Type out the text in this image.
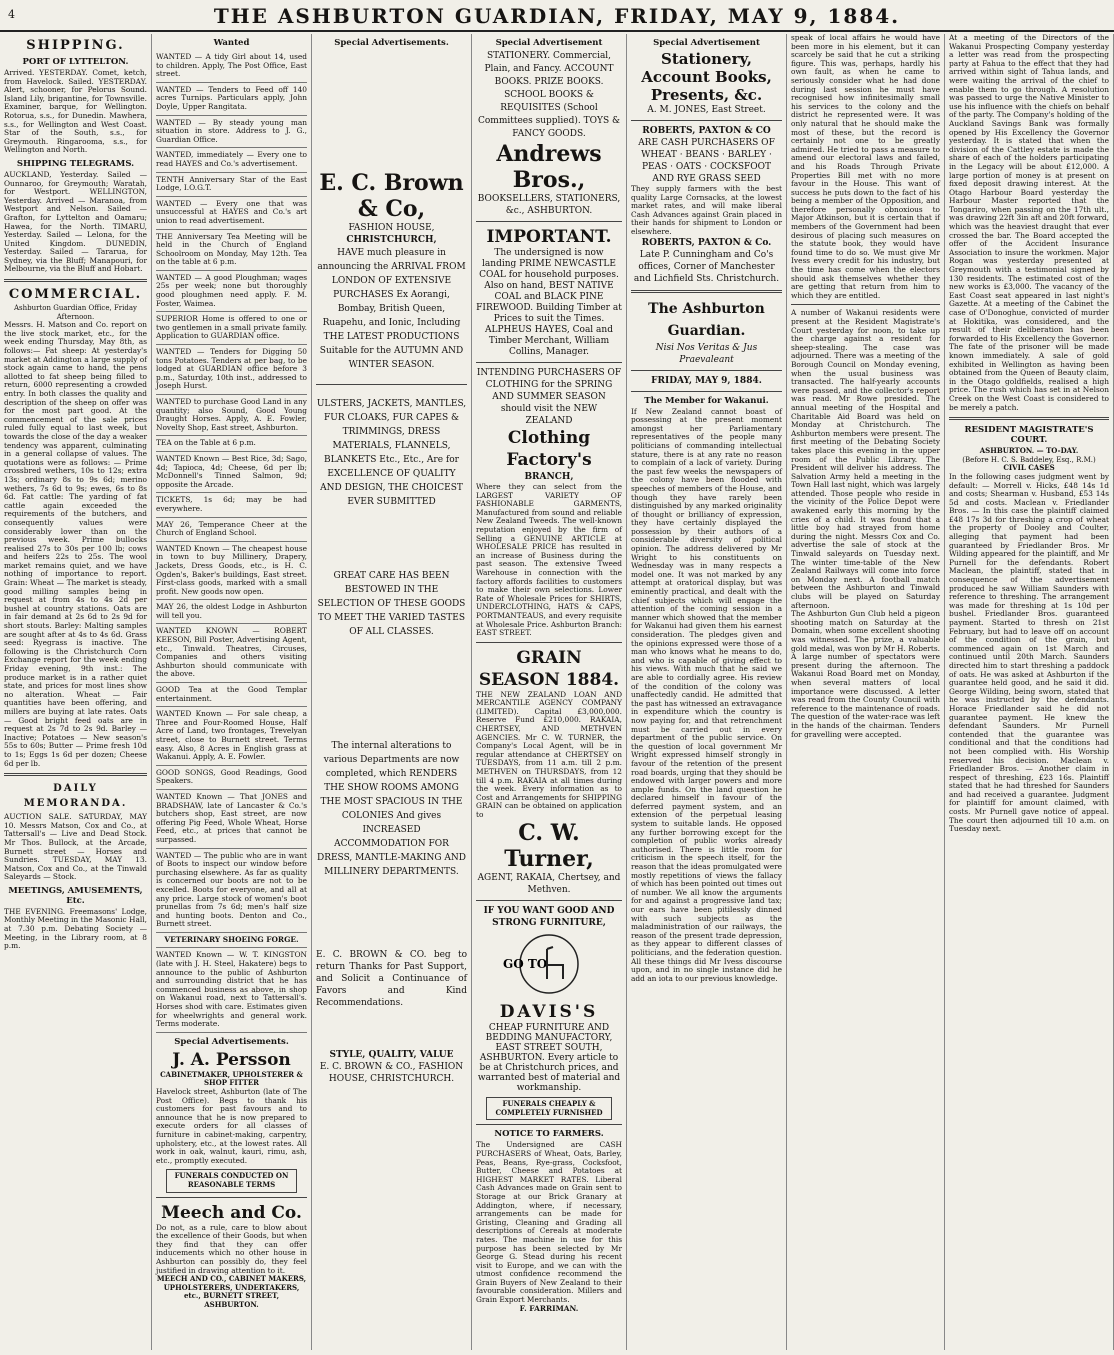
4	THE ASHBURTON GUARDIAN, FRIDAY, MAY 9, 1884.
SHIPPING.
PORT OF LYTTELTON.
Arrived. YESTERDAY. Comet, ketch, from Havelock. Sailed. YESTERDAY. Alert, schooner, for Pelorus Sound. Island Lily, brigantine, for Townsville. Examiner, barque, for Wellington. Rotorua, s.s., for Dunedin. Mawhera, s.s., for Wellington and West Coast. Star of the South, s.s., for Greymouth. Ringarooma, s.s., for Wellington and North.
SHIPPING TELEGRAMS.
AUCKLAND, Yesterday. Sailed — Ounnaroo, for Greymouth; Waratah, for Westport. WELLINGTON, Yesterday. Arrived — Maranoa, from Westport and Nelson. Sailed — Grafton, for Lyttelton and Oamaru; Hawea, for the North. TIMARU, Yesterday. Sailed — Lelona, for the United Kingdom. DUNEDIN, Yesterday. Sailed — Tararua, for Sydney, via the Bluff; Manapouri, for Melbourne, via the Bluff and Hobart.
COMMERCIAL.
Ashburton Guardian Office, Friday Afternoon.
Messrs. H. Matson and Co. report on the live stock market, etc., for the week ending Thursday, May 8th, as follows:— Fat sheep: At yesterday's market at Addington a large supply of stock again came to hand, the pens allotted to fat sheep being filled to return, 6000 representing a crowded entry. In both classes the quality and description of the sheep on offer was for the most part good. At the commencement of the sale prices ruled fully equal to last week, but towards the close of the day a weaker tendency was apparent, culminating in a general collapse of values. The quotations were as follows: — Prime crossbred wethers, 10s to 12s; extra 13s; ordinary 8s to 9s 6d; merino wethers, 7s 6d to 9s; ewes, 6s to 8s 6d. Fat cattle: The yarding of fat cattle again exceeded the requirements of the butchers, and consequently values were considerably lower than on the previous week. Prime bullocks realised 27s to 30s per 100 lb; cows and heifers 22s to 25s. The wool market remains quiet, and we have nothing of importance to report. Grain: Wheat — The market is steady, good milling samples being in request at from 4s to 4s 2d per bushel at country stations. Oats are in fair demand at 2s 6d to 2s 9d for short stouts. Barley: Malting samples are sought after at 4s to 4s 6d. Grass seed: Ryegrass is inactive. The following is the Christchurch Corn Exchange report for the week ending Friday evening, 9th inst.: The produce market is in a rather quiet state, and prices for most lines show no alteration. Wheat — Fair quantities have been offering, and millers are buying at late rates. Oats — Good bright feed oats are in request at 2s 7d to 2s 9d. Barley — Inactive; Potatoes — New season's 55s to 60s; Butter — Prime fresh 10d to 1s; Eggs 1s 6d per dozen; Cheese 6d per lb.
DAILY MEMORANDA.
AUCTION SALE. SATURDAY, MAY 10. Messrs Matson, Cox and Co., at Tattersall's — Live and Dead Stock. Mr Thos. Bullock, at the Arcade, Burnett street — Horses and Sundries. TUESDAY, MAY 13. Matson, Cox and Co., at the Tinwald Saleyards — Stock.
MEETINGS, AMUSEMENTS, Etc.
THE EVENING. Freemasons' Lodge, Monthly Meeting in the Masonic Hall, at 7.30 p.m. Debating Society — Meeting, in the Library room, at 8 p.m.
Wanted
WANTED — A tidy Girl about 14, used to children. Apply, The Post Office, East street.
WANTED — Tenders to Feed off 140 acres Turnips. Particulars apply, John Doyle, Upper Rangitata.
WANTED — By steady young man situation in store. Address to J. G., Guardian Office.
WANTED, immediately — Every one to read HAYES and Co.'s advertisement.
TENTH Anniversary Star of the East Lodge, I.O.G.T.
WANTED — Every one that was unsuccessful at HAYES and Co.'s art union to read advertisement.
THE Anniversary Tea Meeting will be held in the Church of England Schoolroom on Monday, May 12th. Tea on the table at 6 p.m.
WANTED — A good Ploughman; wages 25s per week; none but thoroughly good ploughmen need apply. F. M. Foster, Waimea.
SUPERIOR Home is offered to one or two gentlemen in a small private family. Application to GUARDIAN office.
WANTED — Tenders for Digging 50 tons Potatoes. Tenders at per bag, to be lodged at GUARDIAN office before 3 p.m., Saturday, 10th inst., addressed to Joseph Hurst.
WANTED to purchase Good Land in any quantity; also Sound, Good Young Draught Horses. Apply, A. E. Fowler, Novelty Shop, East street, Ashburton.
TEA on the Table at 6 p.m.
WANTED Known — Best Rice, 3d; Sago, 4d; Tapioca, 4d; Cheese, 6d per lb; McDonnell's Tinned Salmon, 9d; opposite the Arcade.
TICKETS, 1s 6d; may be had everywhere.
MAY 26, Temperance Cheer at the Church of England School.
WANTED Known — The cheapest house in town to buy Millinery, Drapery, Jackets, Dress Goods, etc., is H. C. Ogden's, Baker's buildings, East street. First-class goods, marked with a small profit. New goods now open.
MAY 26, the oldest Lodge in Ashburton will tell you.
WANTED KNOWN — ROBERT KEESON, Bill Poster, Advertising Agent, etc., Tinwald. Theatres, Circuses, Companies and others visiting Ashburton should communicate with the above.
GOOD Tea at the Good Templar entertainment.
WANTED Known — For sale cheap, a Three and Four-Roomed House, Half Acre of Land, two frontages, Trevelyan street, close to Burnett street. Terms easy. Also, 8 Acres in English grass at Wakanui. Apply, A. E. Fowler.
GOOD SONGS, Good Readings, Good Speakers.
WANTED Known — That JONES and BRADSHAW, late of Lancaster & Co.'s butchers shop, East street, are now offering Pig Feed, Whole Wheat, Horse Feed, etc., at prices that cannot be surpassed.
WANTED — The public who are in want of Boots to inspect our window before purchasing elsewhere. As far as quality is concerned our boots are not to be excelled. Boots for everyone, and all at any price. Large stock of women's boot prunellas from 7s 6d; men's half size and hunting boots. Denton and Co., Burnett street.
VETERINARY SHOEING FORGE.
WANTED Known — W. T. KINGSTON (late with J. H. Steel, Hakatere) begs to announce to the public of Ashburton and surrounding district that he has commenced business as above, in shop on Wakanui road, next to Tattersall's. Horses shod with care. Estimates given for wheelwrights and general work. Terms moderate.
Special Advertisements.
J. A. Persson
CABINETMAKER, UPHOLSTERER & SHOP FITTER
Havelock street, Ashburton (late of The Post Office). Begs to thank his customers for past favours and to announce that he is now prepared to execute orders for all classes of furniture in cabinet-making, carpentry, upholstery, etc., at the lowest rates. All work in oak, walnut, kauri, rimu, ash, etc., promptly executed.
FUNERALS CONDUCTED ON REASONABLE TERMS
Meech and Co.
Do not, as a rule, care to blow about the excellence of their Goods, but when they find that they can offer inducements which no other house in Ashburton can possibly do, they feel justified in drawing attention to it.
MEECH AND CO., CABINET MAKERS, UPHOLSTERERS, UNDERTAKERS, etc., BURNETT STREET, ASHBURTON.
Special Advertisements.
E. C. Brown & Co,
FASHION HOUSE,
CHRISTCHURCH,
HAVE much pleasure in announcing the ARRIVAL FROM LONDON OF EXTENSIVE PURCHASES Ex Aorangi, Bombay, British Queen, Ruapehu, and Ionic, Including THE LATEST PRODUCTIONS Suitable for the AUTUMN AND WINTER SEASON.
ULSTERS, JACKETS, MANTLES, FUR CLOAKS, FUR CAPES & TRIMMINGS, DRESS MATERIALS, FLANNELS, BLANKETS Etc., Etc., Are for EXCELLENCE OF QUALITY AND DESIGN, THE CHOICEST EVER SUBMITTED
GREAT CARE HAS BEEN BESTOWED IN THE SELECTION OF THESE GOODS TO MEET THE VARIED TASTES OF ALL CLASSES.
The internal alterations to various Departments are now completed, which RENDERS THE SHOW ROOMS AMONG THE MOST SPACIOUS IN THE COLONIES And gives INCREASED ACCOMMODATION FOR DRESS, MANTLE-MAKING AND MILLINERY DEPARTMENTS.
E. C. BROWN & CO. beg to return Thanks for Past Support, and Solicit a Continuance of Favors and Kind Recommendations.
STYLE, QUALITY, VALUE
E. C. BROWN & CO., FASHION HOUSE, CHRISTCHURCH.
Special Advertisement
STATIONERY. Commercial, Plain, and Fancy. ACCOUNT BOOKS. PRIZE BOOKS. SCHOOL BOOKS & REQUISITES (School Committees supplied). TOYS & FANCY GOODS.
Andrews Bros.,
BOOKSELLERS, STATIONERS, &c., ASHBURTON.
IMPORTANT.
The undersigned is now landing PRIME NEWCASTLE COAL for household purposes. Also on hand, BEST NATIVE COAL and BLACK PINE FIREWOOD. Building Timber at Prices to suit the Times. ALPHEUS HAYES, Coal and Timber Merchant, William Collins, Manager.
INTENDING PURCHASERS OF CLOTHING for the SPRING AND SUMMER SEASON should visit the NEW ZEALAND
Clothing Factory's
BRANCH,
Where they can select from the LARGEST VARIETY OF FASHIONABLE GARMENTS, Manufactured from sound and reliable New Zealand Tweeds. The well-known reputation enjoyed by the firm of Selling a GENUINE ARTICLE at WHOLESALE PRICE has resulted in an increase of Business during the past season. The extensive Tweed Warehouse in connection with the factory affords facilities to customers to make their own selections. Lower Rate of Wholesale Prices for SHIRTS, UNDERCLOTHING, HATS & CAPS, PORTMANTEAUS, and every requisite at Wholesale Price. Ashburton Branch: EAST STREET.
GRAIN SEASON 1884.
THE NEW ZEALAND LOAN AND MERCANTILE AGENCY COMPANY (LIMITED). Capital £3,000,000. Reserve Fund £210,000. RAKAIA, CHERTSEY, AND METHVEN AGENCIES. Mr C. W. TURNER, the Company's Local Agent, will be in regular attendance at CHERTSEY on TUESDAYS, from 11 a.m. till 2 p.m. METHVEN on THURSDAYS, from 12 till 4 p.m. RAKAIA at all times during the week. Every information as to Cost and Arrangements for SHIPPING GRAIN can be obtained on application to
C. W. Turner,
AGENT, RAKAIA, Chertsey, and Methven.
IF YOU WANT GOOD AND STRONG FURNITURE,
GO TO
DAVIS'S
CHEAP FURNITURE AND BEDDING MANUFACTORY, EAST STREET SOUTH, ASHBURTON. Every article to be at Christchurch prices, and warranted best of material and workmanship.
FUNERALS CHEAPLY & COMPLETELY FURNISHED
NOTICE TO FARMERS.
The Undersigned are CASH PURCHASERS of Wheat, Oats, Barley, Peas, Beans, Rye-grass, Cocksfoot, Butter, Cheese and Potatoes at HIGHEST MARKET RATES. Liberal Cash Advances made on Grain sent to Storage at our Brick Granary at Addington, where, if necessary, arrangements can be made for Gristing, Cleaning and Grading all descriptions of Cereals at moderate rates. The machine in use for this purpose has been selected by Mr George G. Stead during his recent visit to Europe, and we can with the utmost confidence recommend the Grain Buyers of New Zealand to their favourable consideration. Millers and Grain Export Merchants.
F. FARRIMAN.
Special Advertisement
Stationery, Account Books, Presents, &c.
A. M. JONES, East Street.
ROBERTS, PAXTON & CO
ARE CASH PURCHASERS OF WHEAT · BEANS · BARLEY · PEAS · OATS · COCKSFOOT AND RYE GRASS SEED
They supply farmers with the best quality Large Cornsacks, at the lowest market rates, and will make liberal Cash Advances against Grain placed in their hands for shipment to London or elsewhere.
ROBERTS, PAXTON & Co.
Late P. Cunningham and Co's offices, Corner of Manchester and Lichfield Sts. Christchurch.
The Ashburton Guardian.
Nisi Nos Veritas & Jus Praevaleant
FRIDAY, MAY 9, 1884.
The Member for Wakanui.
If New Zealand cannot boast of possessing at the present moment amongst her Parliamentary representatives of the people many politicians of commanding intellectual stature, there is at any rate no reason to complain of a lack of variety. During the past few weeks the newspapers of the colony have been flooded with speeches of members of the House, and though they have rarely been distinguished by any marked originality of thought or brilliancy of expression, they have certainly displayed the possession by their authors of a considerable diversity of political opinion. The address delivered by Mr Wright to his constituents on Wednesday was in many respects a model one. It was not marked by any attempt at oratorical display, but was eminently practical, and dealt with the chief subjects which will engage the attention of the coming session in a manner which showed that the member for Wakanui had given them his earnest consideration. The pledges given and the opinions expressed were those of a man who knows what he means to do, and who is capable of giving effect to his views. With much that he said we are able to cordially agree. His review of the condition of the colony was unaffectedly candid. He admitted that the past has witnessed an extravagance in expenditure which the country is now paying for, and that retrenchment must be carried out in every department of the public service. On the question of local government Mr Wright expressed himself strongly in favour of the retention of the present road boards, urging that they should be endowed with larger powers and more ample funds. On the land question he declared himself in favour of the deferred payment system, and an extension of the perpetual leasing system to suitable lands. He opposed any further borrowing except for the completion of public works already authorised. There is little room for criticism in the speech itself, for the reason that the ideas promulgated were mostly repetitions of views the fallacy of which has been pointed out times out of number. We all know the arguments for and against a progressive land tax; our ears have been pitilessly dinned with such subjects as the maladministration of our railways, the reason of the present trade depression, as they appear to different classes of politicians, and the federation question. All these things did Mr Ivess discourse upon, and in no single instance did he add an iota to our previous knowledge.
speak of local affairs he would have been more in his element, but it can scarcely be said that he cut a striking figure. This was, perhaps, hardly his own fault, as when he came to seriously consider what he had done during last session he must have recognised how infinitesimally small his services to the colony and the district he represented were. It was only natural that he should make the most of these, but the record is certainly not one to be greatly admired. He tried to pass a measure to amend our electoral laws and failed, and his Roads Through Private Properties Bill met with no more favour in the House. This want of success he puts down to the fact of his being a member of the Opposition, and therefore personally obnoxious to Major Atkinson, but it is certain that if members of the Government had been desirous of placing such measures on the statute book, they would have found time to do so. We must give Mr Ivess every credit for his industry, but the time has come when the electors should ask themselves whether they are getting that return from him to which they are entitled.
A number of Wakanui residents were present at the Resident Magistrate's Court yesterday for noon, to take up the charge against a resident for sheep-stealing. The case was adjourned. There was a meeting of the Borough Council on Monday evening, when the usual business was transacted. The half-yearly accounts were passed, and the collector's report was read. Mr Rowe presided. The annual meeting of the Hospital and Charitable Aid Board was held on Monday at Christchurch. The Ashburton members were present. The first meeting of the Debating Society takes place this evening in the upper room of the Public Library. The President will deliver his address. The Salvation Army held a meeting in the Town Hall last night, which was largely attended. Those people who reside in the vicinity of the Police Depot were awakened early this morning by the cries of a child. It was found that a little boy had strayed from home during the night. Messrs Cox and Co. advertise the sale of stock at the Tinwald saleyards on Tuesday next. The winter time-table of the New Zealand Railways will come into force on Monday next. A football match between the Ashburton and Tinwald clubs will be played on Saturday afternoon.
The Ashburton Gun Club held a pigeon shooting match on Saturday at the Domain, when some excellent shooting was witnessed. The prize, a valuable gold medal, was won by Mr H. Roberts. A large number of spectators were present during the afternoon. The Wakanui Road Board met on Monday, when several matters of local importance were discussed. A letter was read from the County Council with reference to the maintenance of roads. The question of the water-race was left in the hands of the chairman. Tenders for gravelling were accepted.
At a meeting of the Directors of the Wakanui Prospecting Company yesterday a letter was read from the prospecting party at Fahua to the effect that they had arrived within sight of Tahua lands, and were waiting the arrival of the chief to enable them to go through. A resolution was passed to urge the Native Minister to use his influence with the chiefs on behalf of the party. The Company's holding of the Auckland Savings Bank was formally opened by His Excellency the Governor yesterday. It is stated that when the division of the Cattley estate is made the share of each of the holders participating in the Legacy will be about £12,000. A large portion of money is at present on fixed deposit drawing interest. At the Otago Harbour Board yesterday the Harbour Master reported that the Tongariro, when passing on the 17th ult., was drawing 22ft 3in aft and 20ft forward, which was the heaviest draught that ever crossed the bar. The Board accepted the offer of the Accident Insurance Association to insure the workmen. Major Rogan was yesterday presented at Greymouth with a testimonial signed by 130 residents. The estimated cost of the new works is £3,000. The vacancy of the East Coast seat appeared in last night's Gazette. At a meeting of the Cabinet the case of O'Donoghue, convicted of murder at Hokitika, was considered, and the result of their deliberation has been forwarded to His Excellency the Governor. The fate of the prisoner will be made known immediately. A sale of gold exhibited in Wellington as having been obtained from the Queen of Beauty claim, in the Otago goldfields, realised a high price. The rush which has set in at Nelson Creek on the West Coast is considered to be merely a patch.
RESIDENT MAGISTRATE'S COURT.
ASHBURTON. — TO-DAY.
(Before H. C. S. Baddeley, Esq., R.M.)
CIVIL CASES
In the following cases judgment went by default: — Morrell v. Hicks, £48 14s 1d and costs; Shearman v. Husband, £53 14s 5d and costs. Maclean v. Friedlander Bros. — In this case the plaintiff claimed £48 17s 3d for threshing a crop of wheat the property of Dooley and Coulter, alleging that payment had been guaranteed by Friedlander Bros. Mr Wilding appeared for the plaintiff, and Mr Purnell for the defendants. Robert Maclean, the plaintiff, stated that in consequence of the advertisement produced he saw William Saunders with reference to threshing. The arrangement was made for threshing at 1s 10d per bushel. Friedlander Bros. guaranteed payment. Started to thresh on 21st February, but had to leave off on account of the condition of the grain, but commenced again on 1st March and continued until 20th March. Saunders directed him to start threshing a paddock of oats. He was asked at Ashburton if the guarantee held good, and he said it did. George Wilding, being sworn, stated that he was instructed by the defendants. Horace Friedlander said he did not guarantee payment. He knew the defendant Saunders. Mr Purnell contended that the guarantee was conditional and that the conditions had not been complied with. His Worship reserved his decision. Maclean v. Friedlander Bros. — Another claim in respect of threshing, £23 16s. Plaintiff stated that he had threshed for Saunders and had received a guarantee. Judgment for plaintiff for amount claimed, with costs. Mr Purnell gave notice of appeal. The court then adjourned till 10 a.m. on Tuesday next.
